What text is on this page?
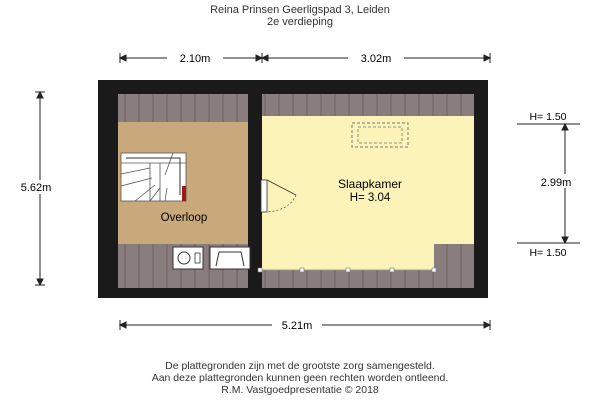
Reina Prinsen Geerligspad 3, Leiden
2e verdieping
2.10m	3.02m
5.21m
5.62m
H= 1.50
2.99m
H= 1.50
Slaapkamer
H= 3.04
Overloop
De plattegronden zijn met de grootste zorg samengesteld.
Aan deze plattegronden kunnen geen rechten worden ontleend.
R.M. Vastgoedpresentatie © 2018
